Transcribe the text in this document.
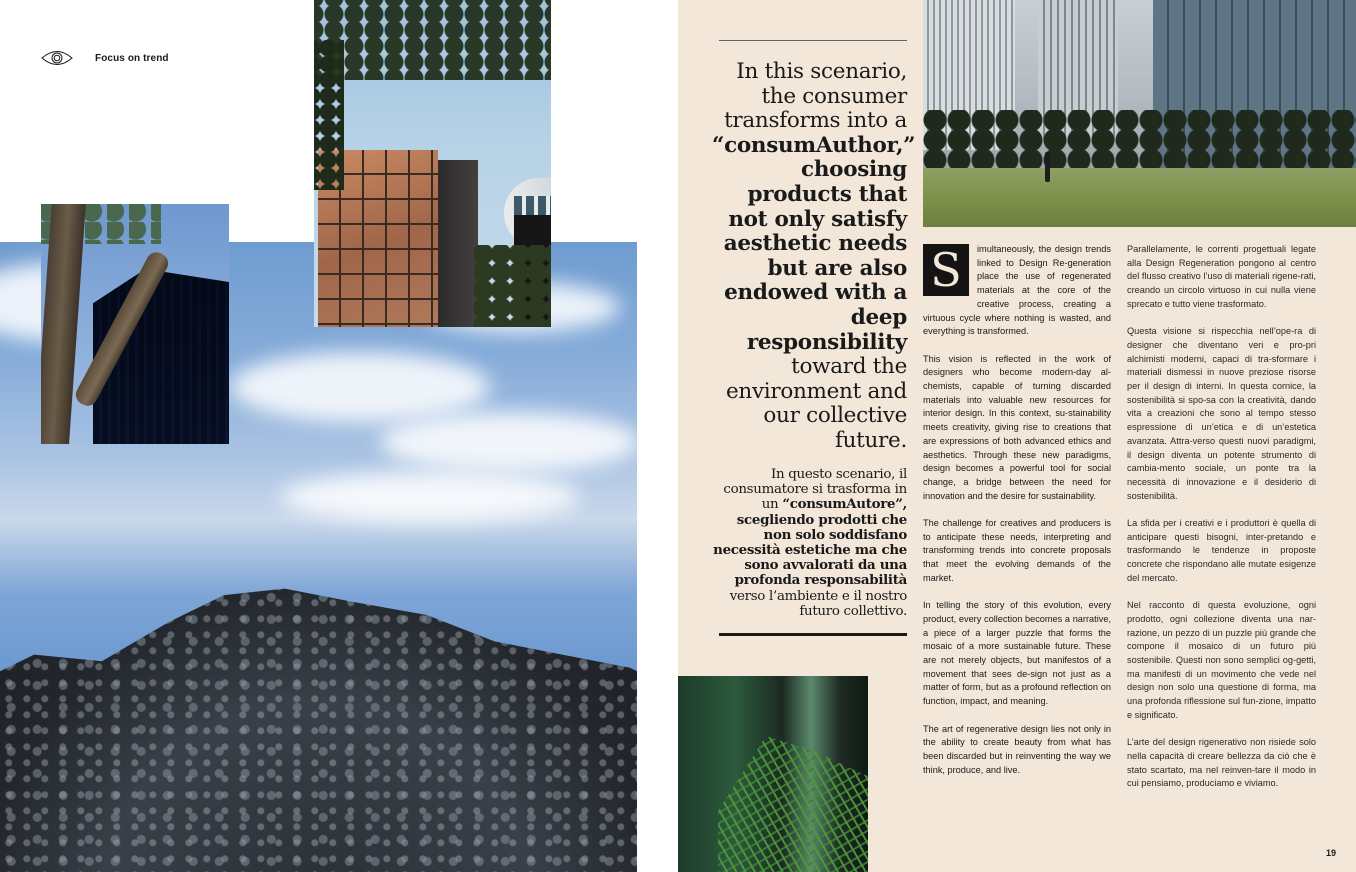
Focus on trend
In this scenario, the consumer transforms into a “consumAuthor,” choosing products that not only satisfy aesthetic needs but are also endowed with a deep responsibility toward the environment and our collective future.
In questo scenario, il consumatore si trasforma in un “consumAutore”, scegliendo prodotti che non solo soddisfano necessità estetiche ma che sono avvalorati da una profonda responsabilità verso l’ambiente e il nostro futuro collettivo.

S	imultaneously, the design trends linked to Design Re-generation place the use of regenerated materials at the core of the creative process, creating a virtuous cycle where nothing is wasted, and everything is transformed.

This vision is reflected in the work of designers who become modern-day al-chemists, capable of turning discarded materials into valuable new resources for interior design. In this context, su-stainability meets creativity, giving rise to creations that are expressions of both advanced ethics and aesthetics. Through these new paradigms, design becomes a powerful tool for social change, a bridge between the need for innovation and the desire for sustainability.

The challenge for creatives and producers is to anticipate these needs, interpreting and transforming trends into concrete proposals that meet the evolving demands of the market.

In telling the story of this evolution, every product, every collection becomes a narrative, a piece of a larger puzzle that forms the mosaic of a more sustainable future. These are not merely objects, but manifestos of a movement that sees de-sign not just as a matter of form, but as a profound reflection on function, impact, and meaning.

The art of regenerative design lies not only in the ability to create beauty from what has been discarded but in reinventing the way we think, produce, and live.

Parallelamente, le correnti progettuali legate alla Design Regeneration pongono al centro del flusso creativo l’uso di materiali rigene-rati, creando un circolo virtuoso in cui nulla viene sprecato e tutto viene trasformato.

Questa visione si rispecchia nell’ope-ra di designer che diventano veri e pro-pri alchimisti moderni, capaci di tra-sformare i materiali dismessi in nuove preziose risorse per il design di interni. In questa cornice, la sostenibilità si spo-sa con la creatività, dando vita a creazioni che sono al tempo stesso espressione di un’etica e di un’estetica avanzata. Attra-verso questi nuovi paradigmi, il design diventa un potente strumento di cambia-mento sociale, un ponte tra la necessità di innovazione e il desiderio di sostenibilità.

La sfida per i creativi e i produttori è quella di anticipare questi bisogni, inter-pretando e trasformando le tendenze in proposte concrete che rispondano alle mutate esigenze del mercato.

Nel racconto di questa evoluzione, ogni prodotto, ogni collezione diventa una nar-razione, un pezzo di un puzzle più grande che compone il mosaico di un futuro più sostenibile. Questi non sono semplici og-getti, ma manifesti di un movimento che vede nel design non solo una questione di forma, ma una profonda riflessione sul fun-zione, impatto e significato.

L’arte del design rigenerativo non risiede solo nella capacità di creare bellezza da ciò che è stato scartato, ma nel reinven-tare il modo in cui pensiamo, produciamo e viviamo.

19
